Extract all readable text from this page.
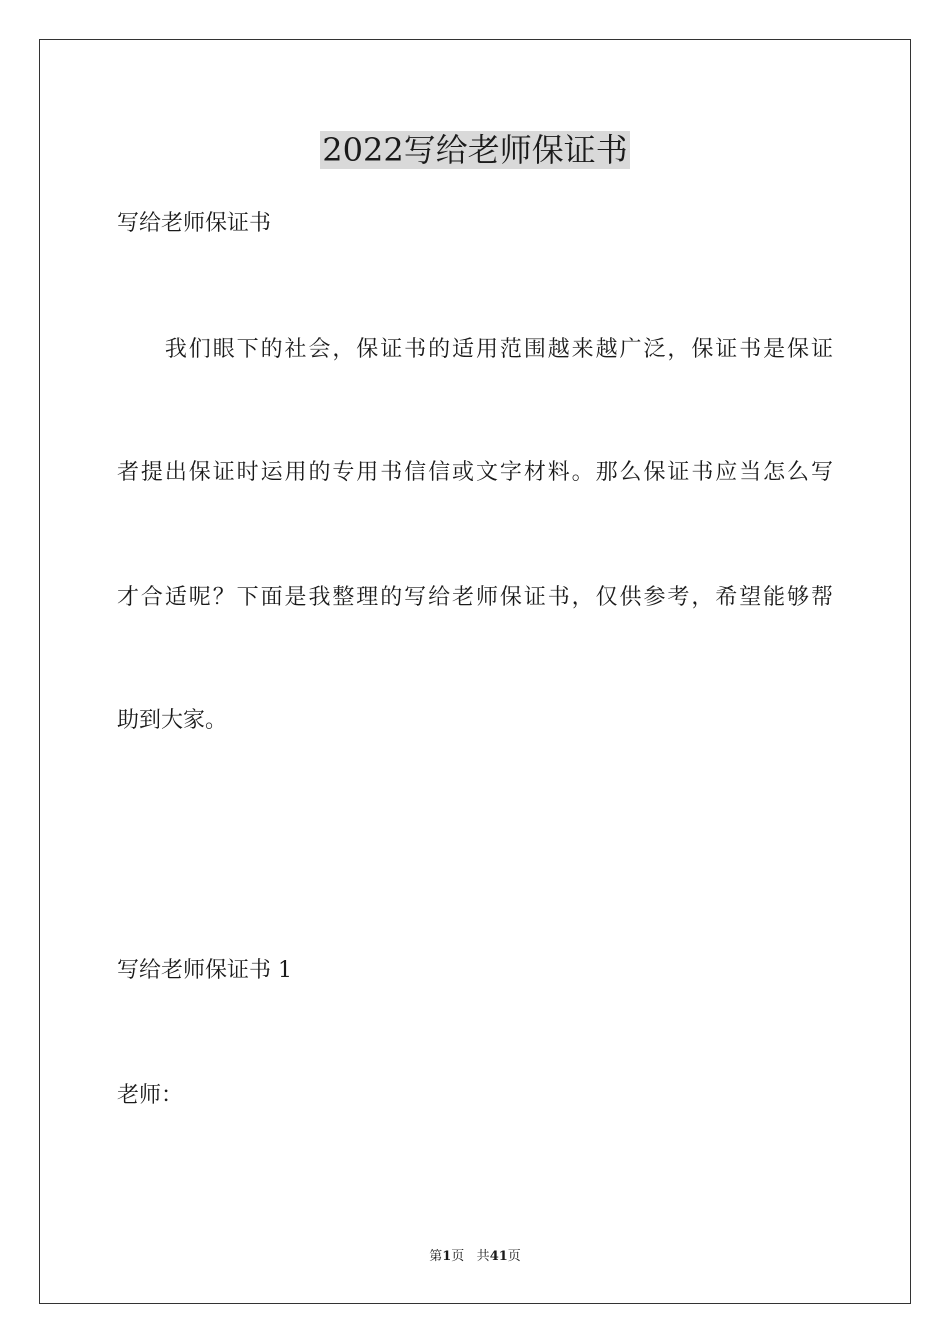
2022写给老师保证书

写给老师保证书

　　我们眼下的社会，保证书的适用范围越来越广泛，保证书是保证

者提出保证时运用的专用书信信或文字材料。那么保证书应当怎么写

才合适呢？下面是我整理的写给老师保证书，仅供参考，希望能够帮

助到大家。

写给老师保证书 1

老师：

第1页 共41页
